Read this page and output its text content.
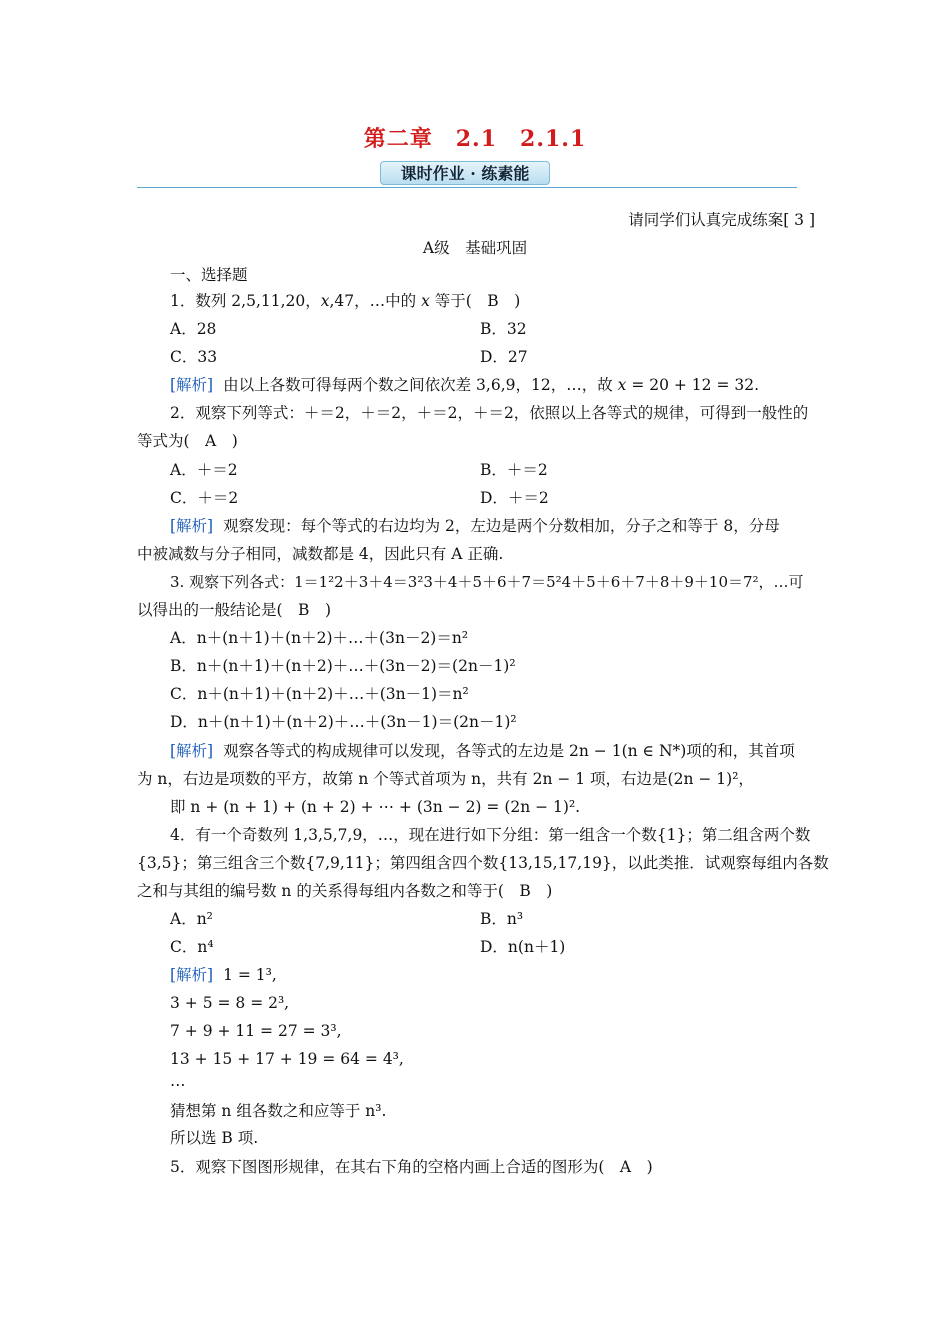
第二章　2.1　2.1.1
课时作业 · 练素能
请同学们认真完成练案[ 3 ]
A级　基础巩固
一、选择题
1．数列 2,5,11,20，x,47，…中的 x 等于(　B　)
A．28	B．32
C．33	D．27
[解析] 由以上各数可得每两个数之间依次差 3,6,9，12，…，故 x = 20 + 12 = 32.
2．观察下列等式：＋＝2，＋＝2，＋＝2，＋＝2，依照以上各等式的规律，可得到一般性的
等式为(　A　)
A．＋＝2	B．＋＝2
C．＋＝2	D．＋＝2
[解析] 观察发现：每个等式的右边均为 2，左边是两个分数相加，分子之和等于 8，分母
中被减数与分子相同，减数都是 4，因此只有 A 正确.
3. 观察下列各式：1＝1²2＋3＋4＝3²3＋4＋5＋6＋7＝5²4＋5＋6＋7＋8＋9＋10＝7²，…可
以得出的一般结论是(　B　)
A．n＋(n＋1)＋(n＋2)＋…＋(3n－2)＝n²
B．n＋(n＋1)＋(n＋2)＋…＋(3n－2)＝(2n－1)²
C．n＋(n＋1)＋(n＋2)＋…＋(3n－1)＝n²
D．n＋(n＋1)＋(n＋2)＋…＋(3n－1)＝(2n－1)²
[解析] 观察各等式的构成规律可以发现，各等式的左边是 2n − 1(n ∈ N*)项的和，其首项
为 n，右边是项数的平方，故第 n 个等式首项为 n，共有 2n − 1 项，右边是(2n − 1)²，
即 n + (n + 1) + (n + 2) + ⋯ + (3n − 2) = (2n − 1)².
4．有一个奇数列 1,3,5,7,9，…，现在进行如下分组：第一组含一个数{1}；第二组含两个数
{3,5}；第三组含三个数{7,9,11}；第四组含四个数{13,15,17,19}，以此类推．试观察每组内各数
之和与其组的编号数 n 的关系得每组内各数之和等于(　B　)
A．n²	B．n³
C．n⁴	D．n(n＋1)
[解析] 1 = 1³,
3 + 5 = 8 = 2³,
7 + 9 + 11 = 27 = 3³,
13 + 15 + 17 + 19 = 64 = 4³,
⋯
猜想第 n 组各数之和应等于 n³.
所以选 B 项.
5．观察下图图形规律，在其右下角的空格内画上合适的图形为(　A　)
